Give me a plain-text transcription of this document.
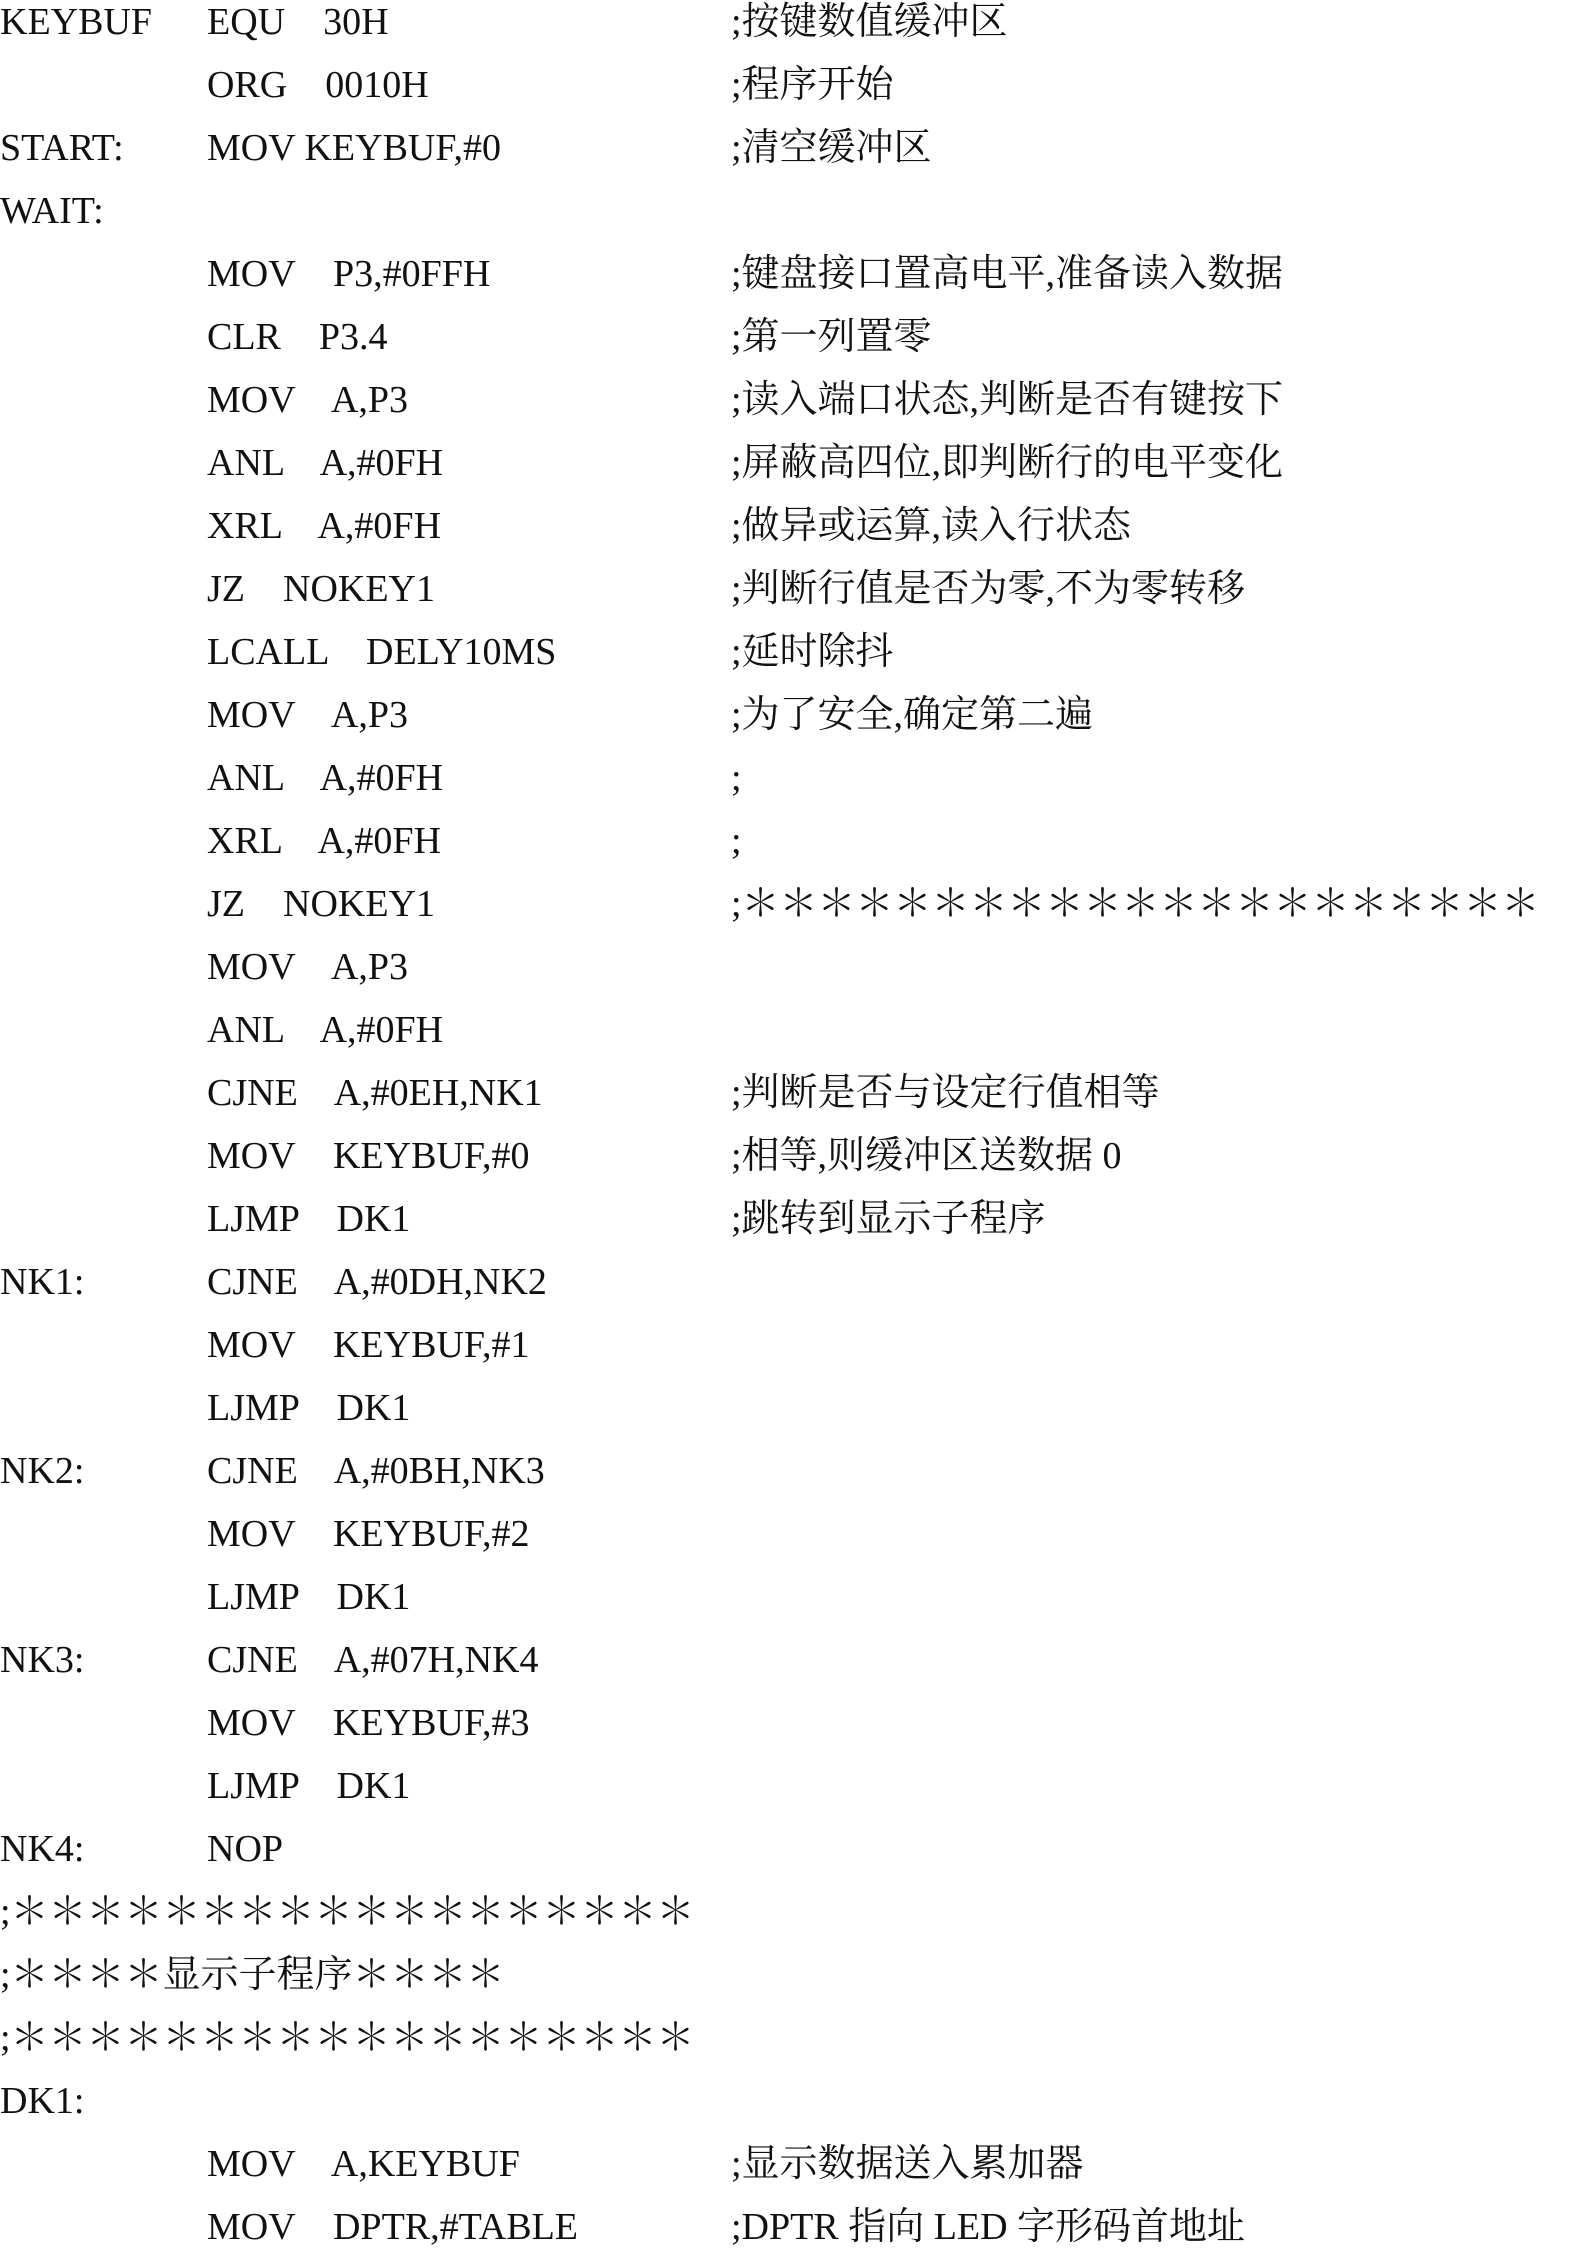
KEYBUF EQU    30H	;按键数值缓冲区
ORG    0010H	;程序开始
START: MOV KEYBUF,#0	;清空缓冲区
WAIT:
MOV    P3,#0FFH	;键盘接口置高电平,准备读入数据
CLR    P3.4	;第一列置零
MOV    A,P3	;读入端口状态,判断是否有键按下
ANL    A,#0FH	;屏蔽高四位,即判断行的电平变化
XRL    A,#0FH	;做异或运算,读入行状态
JZ    NOKEY1	;判断行值是否为零,不为零转移
LCALL    DELY10MS	;延时除抖
MOV    A,P3	;为了安全,确定第二遍
ANL    A,#0FH	;
XRL    A,#0FH	;
JZ    NOKEY1	;＊＊＊＊＊＊＊＊＊＊＊＊＊＊＊＊＊＊＊＊＊
MOV    A,P3
ANL    A,#0FH
CJNE    A,#0EH,NK1	;判断是否与设定行值相等
MOV    KEYBUF,#0	;相等,则缓冲区送数据 0
LJMP    DK1	;跳转到显示子程序
NK1:	CJNE    A,#0DH,NK2
MOV    KEYBUF,#1
LJMP    DK1
NK2:	CJNE    A,#0BH,NK3
MOV    KEYBUF,#2
LJMP    DK1
NK3:	CJNE    A,#07H,NK4
MOV    KEYBUF,#3
LJMP    DK1
NK4:	NOP
;＊＊＊＊＊＊＊＊＊＊＊＊＊＊＊＊＊＊
;＊＊＊＊显示子程序＊＊＊＊
;＊＊＊＊＊＊＊＊＊＊＊＊＊＊＊＊＊＊
DK1:
MOV    A,KEYBUF	;显示数据送入累加器
MOV    DPTR,#TABLE	;DPTR 指向 LED 字形码首地址
